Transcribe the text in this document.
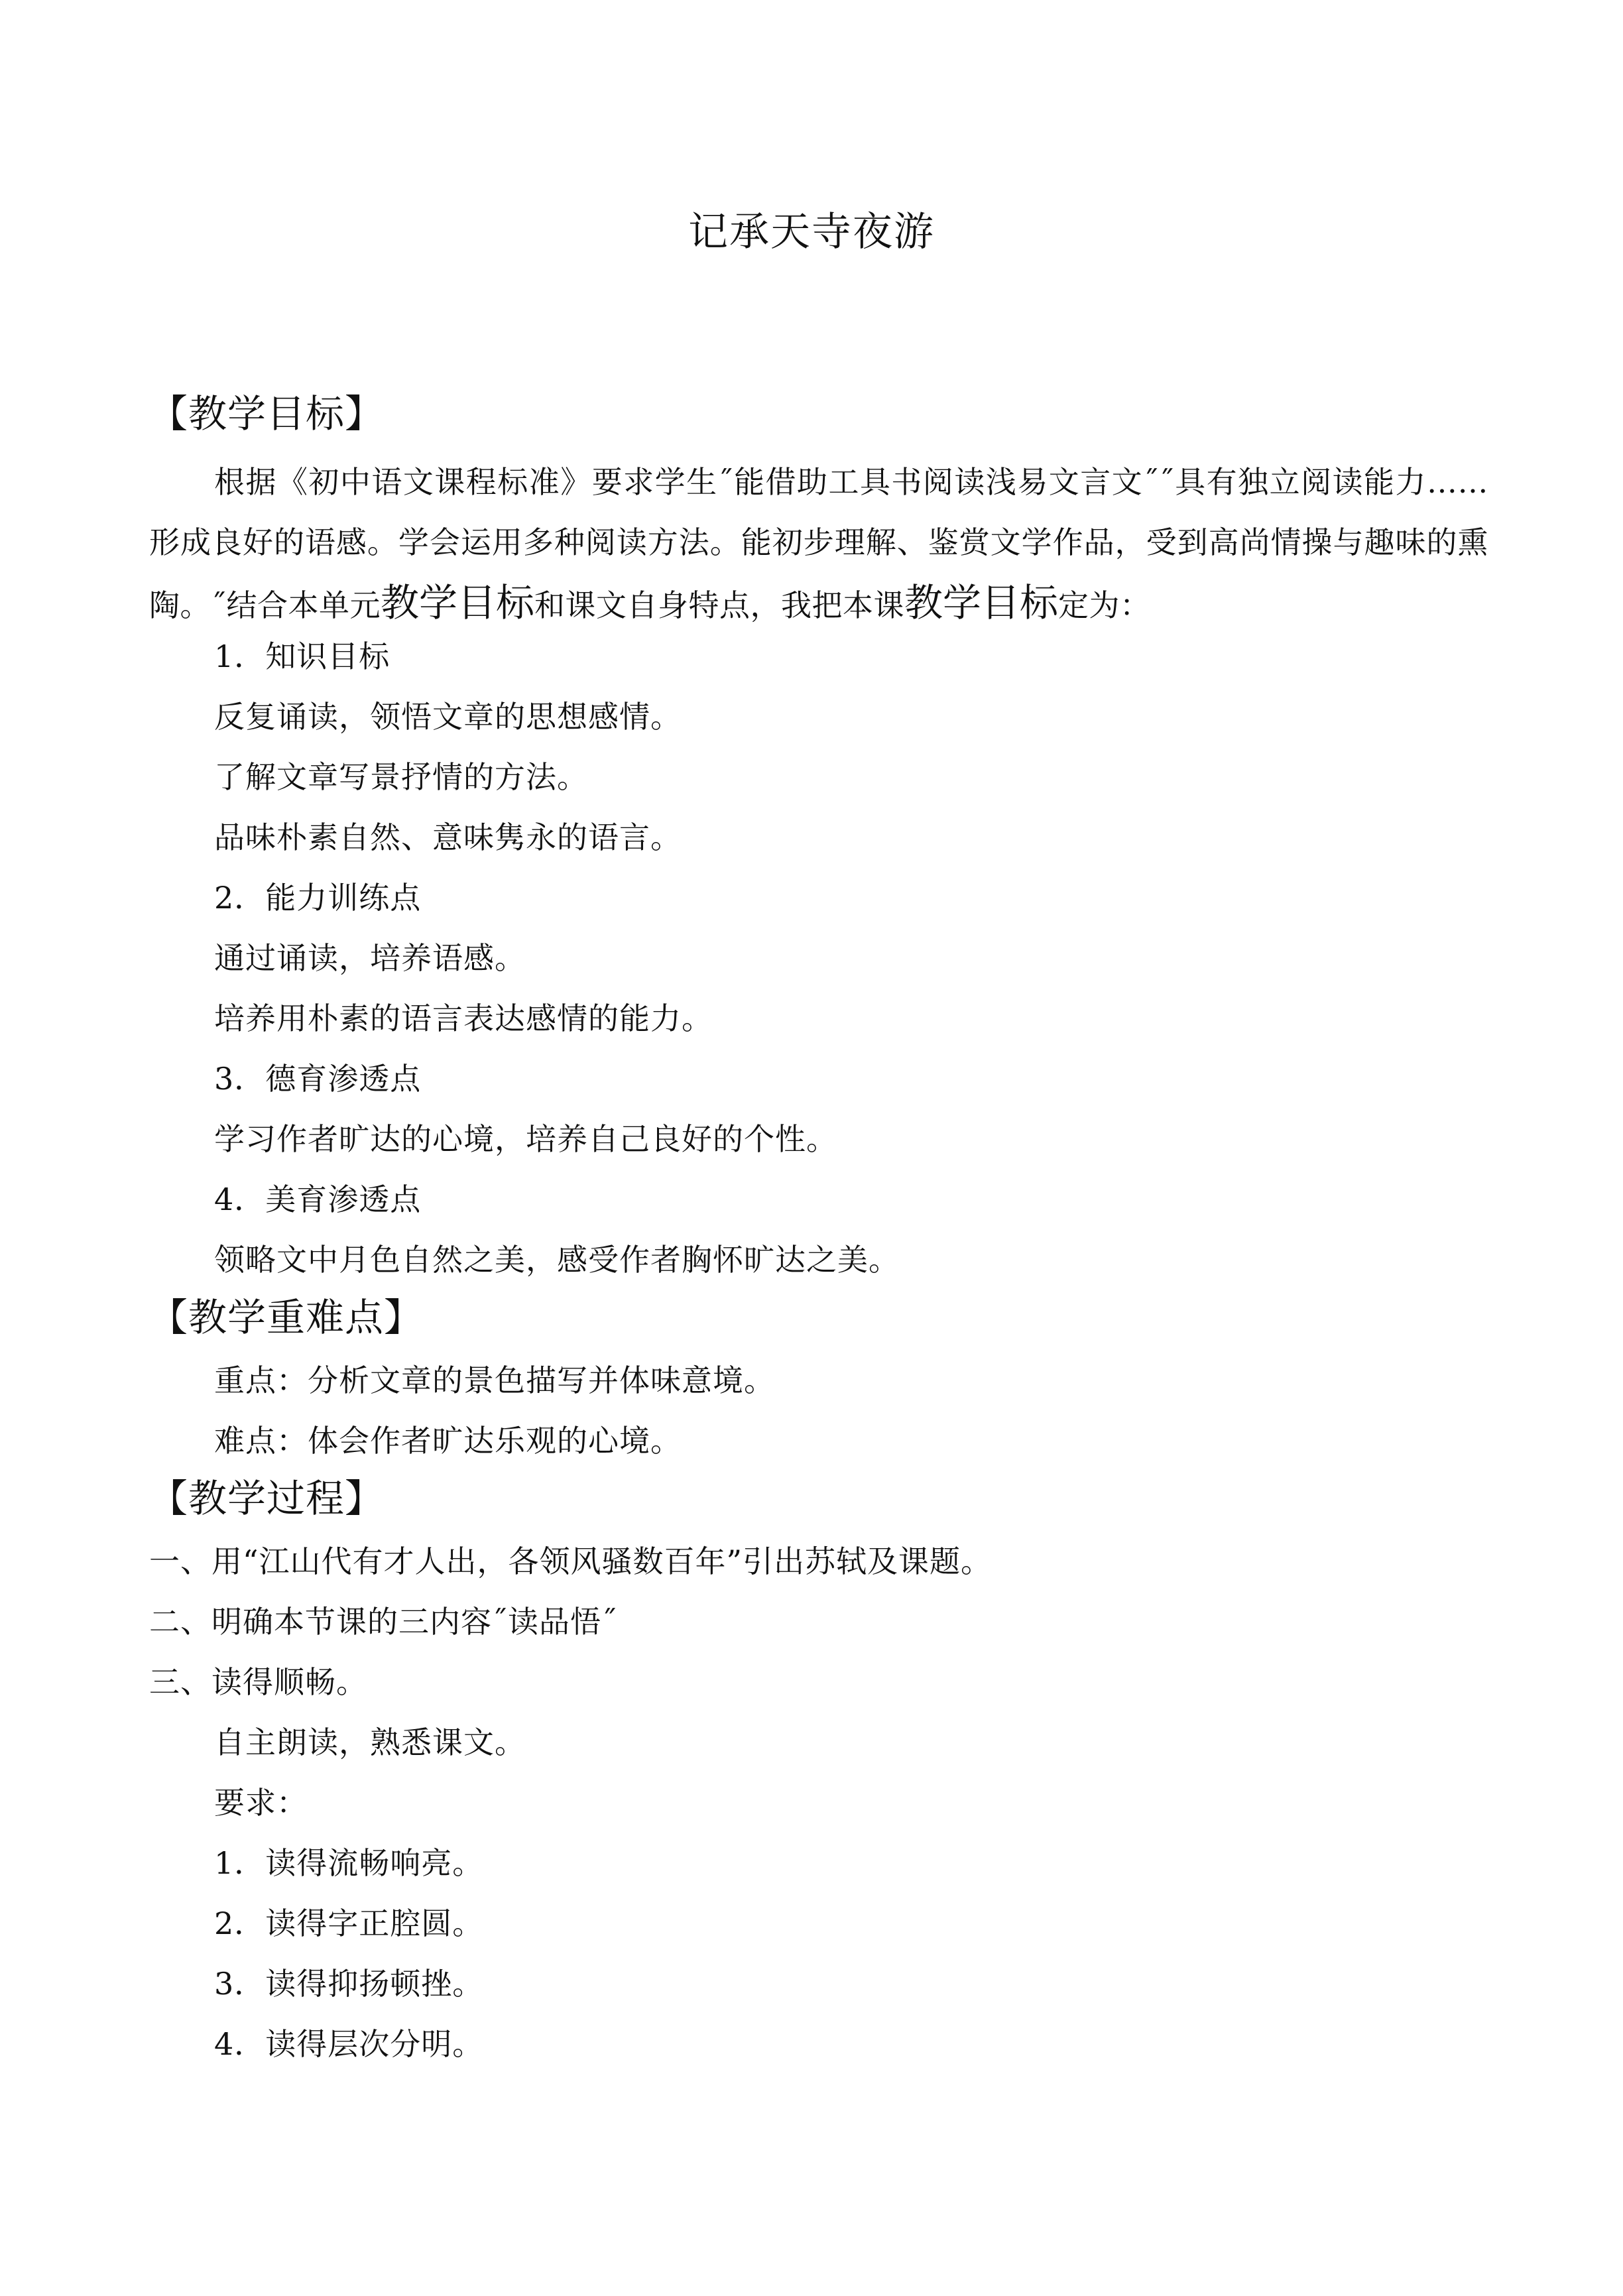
记承天寺夜游
【教学目标】
根据《初中语文课程标准》要求学生˝能借助工具书阅读浅易文言文˝˝具有独立阅读能力……形成良好的语感。学会运用多种阅读方法。能初步理解、鉴赏文学作品，受到高尚情操与趣味的熏陶。˝结合本单元教学目标和课文自身特点，我把本课教学目标定为：
1．知识目标
反复诵读，领悟文章的思想感情。
了解文章写景抒情的方法。
品味朴素自然、意味隽永的语言。
2．能力训练点
通过诵读，培养语感。
培养用朴素的语言表达感情的能力。
3．德育渗透点
学习作者旷达的心境，培养自己良好的个性。
4．美育渗透点
领略文中月色自然之美，感受作者胸怀旷达之美。
【教学重难点】
重点：分析文章的景色描写并体味意境。
难点：体会作者旷达乐观的心境。
【教学过程】
一、用“江山代有才人出，各领风骚数百年”引出苏轼及课题。
二、明确本节课的三内容˝读品悟˝
三、读得顺畅。
自主朗读，熟悉课文。
要求：
1．读得流畅响亮。
2．读得字正腔圆。
3．读得抑扬顿挫。
4．读得层次分明。
